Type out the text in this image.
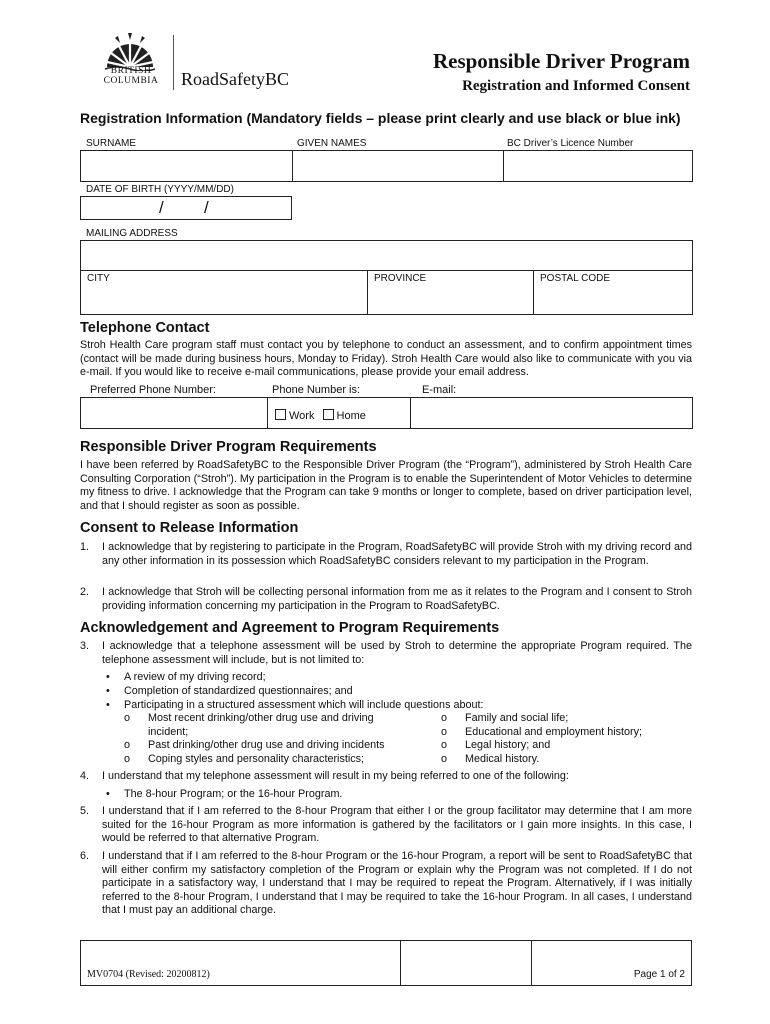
BRITISH
COLUMBIA	RoadSafetyBC
Responsible Driver Program
Registration and Informed Consent
Registration Information (Mandatory fields – please print clearly and use black or blue ink)
SURNAME	GIVEN NAMES	BC Driver’s Licence Number
DATE OF BIRTH (YYYY/MM/DD)
/ /
MAILING ADDRESS
CITY	PROVINCE	POSTAL CODE
Telephone Contact
Stroh Health Care program staff must contact you by telephone to conduct an assessment, and to confirm appointment times (contact will be made during business hours, Monday to Friday). Stroh Health Care would also like to communicate with you via e-mail. If you would like to receive e-mail communications, please provide your email address.
Preferred Phone Number:	Phone Number is:	E-mail:
Work Home
Responsible Driver Program Requirements
I have been referred by RoadSafetyBC to the Responsible Driver Program (the “Program”), administered by Stroh Health Care Consulting Corporation (“Stroh”). My participation in the Program is to enable the Superintendent of Motor Vehicles to determine my fitness to drive. I acknowledge that the Program can take 9 months or longer to complete, based on driver participation level, and that I should register as soon as possible.
Consent to Release Information
1. I acknowledge that by registering to participate in the Program, RoadSafetyBC will provide Stroh with my driving record and any other information in its possession which RoadSafetyBC considers relevant to my participation in the Program.
2. I acknowledge that Stroh will be collecting personal information from me as it relates to the Program and I consent to Stroh providing information concerning my participation in the Program to RoadSafetyBC.
Acknowledgement and Agreement to Program Requirements
3. I acknowledge that a telephone assessment will be used by Stroh to determine the appropriate Program required. The telephone assessment will include, but is not limited to:
• A review of my driving record;
• Completion of standardized questionnaires; and
• Participating in a structured assessment which will include questions about:
o Most recent drinking/other drug use and driving incident;
o Past drinking/other drug use and driving incidents
o Coping styles and personality characteristics;
o Family and social life;
o Educational and employment history;
o Legal history; and
o Medical history.
4. I understand that my telephone assessment will result in my being referred to one of the following:
• The 8-hour Program; or the 16-hour Program.
5. I understand that if I am referred to the 8-hour Program that either I or the group facilitator may determine that I am more suited for the 16-hour Program as more information is gathered by the facilitators or I gain more insights. In this case, I would be referred to that alternative Program.
6. I understand that if I am referred to the 8-hour Program or the 16-hour Program, a report will be sent to RoadSafetyBC that will either confirm my satisfactory completion of the Program or explain why the Program was not completed. If I do not participate in a satisfactory way, I understand that I may be required to repeat the Program. Alternatively, if I was initially referred to the 8-hour Program, I understand that I may be required to take the 16-hour Program. In all cases, I understand that I must pay an additional charge.
MV0704 (Revised: 20200812)	Page 1 of 2
